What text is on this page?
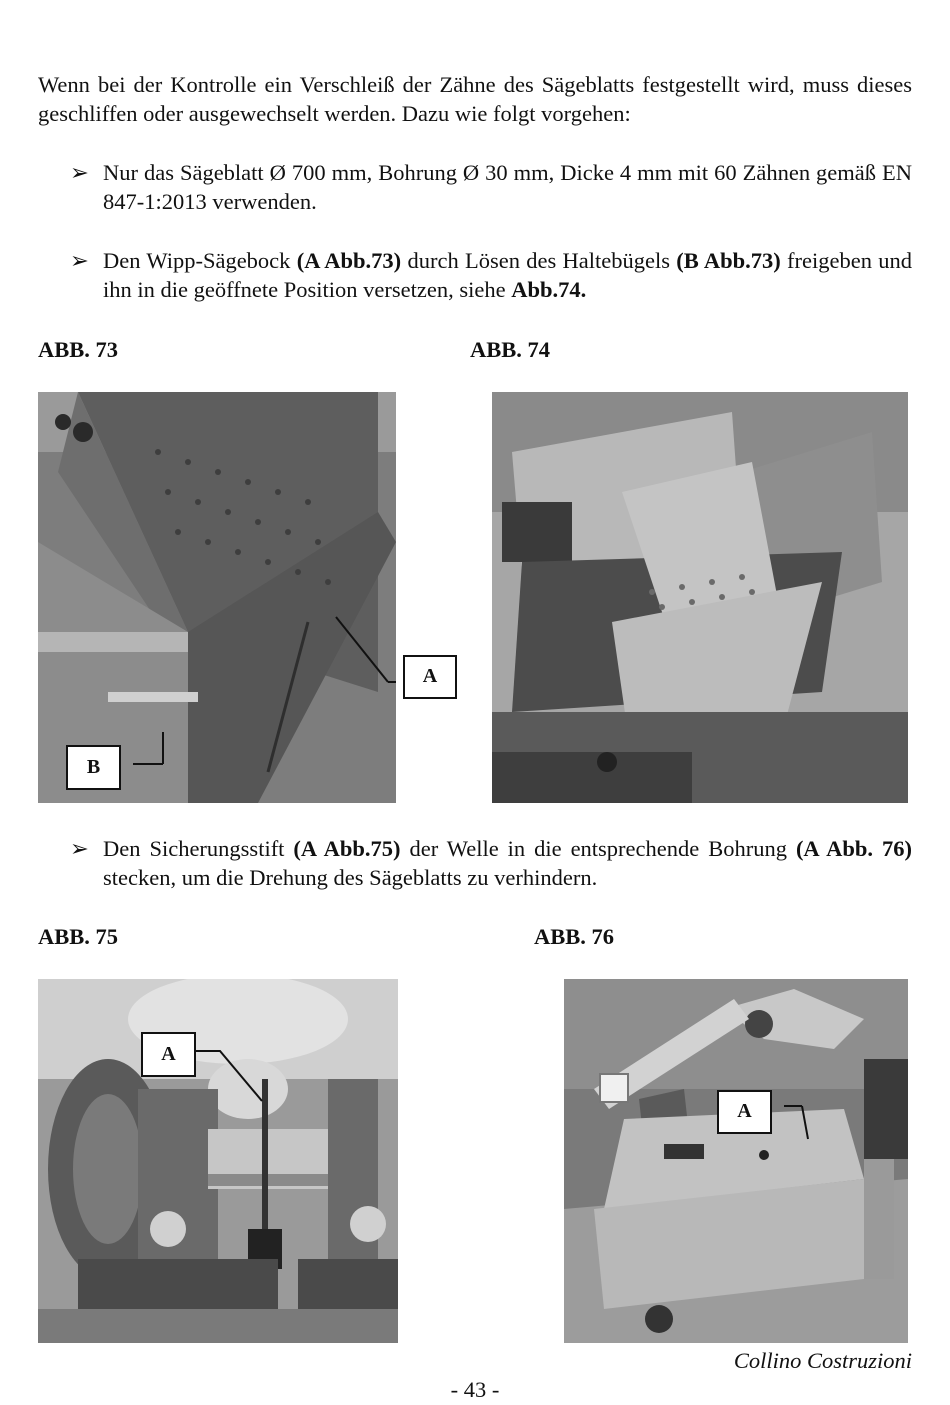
Wenn bei der Kontrolle ein Verschleiß der Zähne des Sägeblatts festgestellt wird, muss dieses geschliffen oder ausgewechselt werden. Dazu wie folgt vorgehen:
➢ Nur das Sägeblatt Ø 700 mm, Bohrung Ø 30 mm, Dicke 4 mm mit 60 Zähnen gemäß EN 847-1:2013 verwenden.
➢ Den Wipp-Sägebock (A Abb.73) durch Lösen des Haltebügels (B Abb.73) freigeben und ihn in die geöffnete Position versetzen, siehe Abb.74.
ABB. 73	ABB. 74
A
B
➢ Den Sicherungsstift (A Abb.75) der Welle in die entsprechende Bohrung (A Abb. 76) stecken, um die Drehung des Sägeblatts zu verhindern.
ABB. 75	ABB. 76
A
A
Collino Costruzioni
- 43 -
